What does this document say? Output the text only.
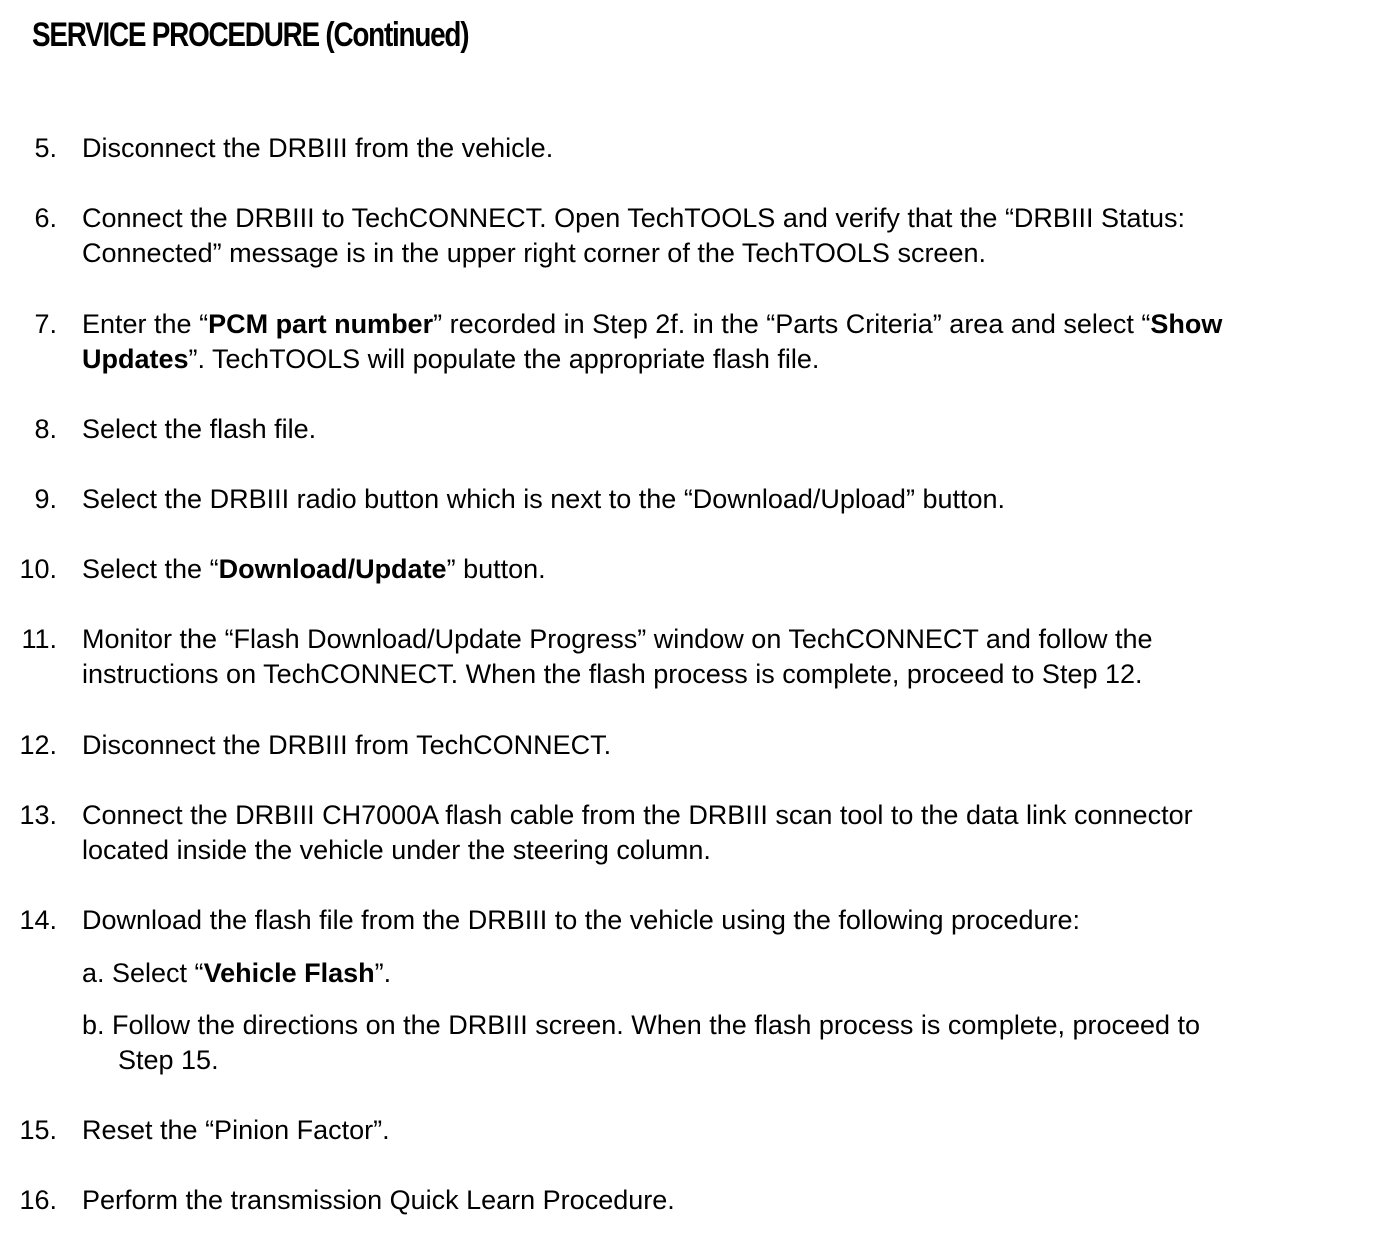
SERVICE PROCEDURE (Continued)
5. Disconnect the DRBIII from the vehicle.
6. Connect the DRBIII to TechCONNECT. Open TechTOOLS and verify that the “DRBIII Status:
Connected” message is in the upper right corner of the TechTOOLS screen.
7. Enter the “PCM part number” recorded in Step 2f. in the “Parts Criteria” area and select “Show
Updates”. TechTOOLS will populate the appropriate flash file.
8. Select the flash file.
9. Select the DRBIII radio button which is next to the “Download/Upload” button.
10. Select the “Download/Update” button.
11. Monitor the “Flash Download/Update Progress” window on TechCONNECT and follow the
instructions on TechCONNECT. When the flash process is complete, proceed to Step 12.
12. Disconnect the DRBIII from TechCONNECT.
13. Connect the DRBIII CH7000A flash cable from the DRBIII scan tool to the data link connector
located inside the vehicle under the steering column.
14. Download the flash file from the DRBIII to the vehicle using the following procedure:
15. Reset the “Pinion Factor”.
16. Perform the transmission Quick Learn Procedure.
a. Select “Vehicle Flash”.
b. Follow the directions on the DRBIII screen. When the flash process is complete, proceed to
Step 15.
